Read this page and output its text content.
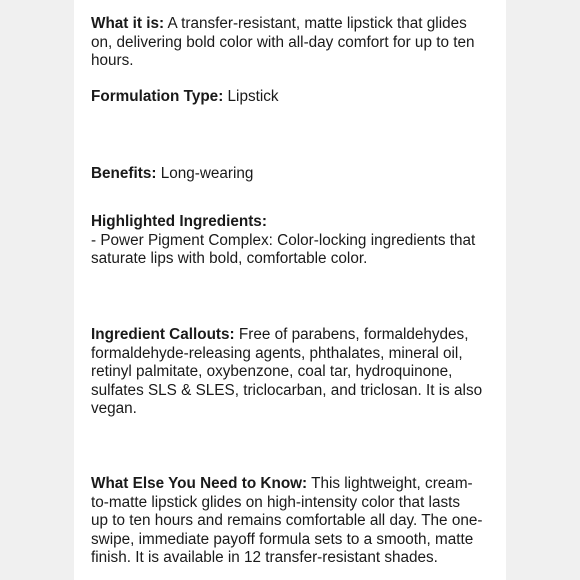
What it is: A transfer-resistant, matte lipstick that glides
on, delivering bold color with all-day comfort for up to ten
hours.
Formulation Type: Lipstick
Benefits: Long-wearing
Highlighted Ingredients:
- Power Pigment Complex: Color-locking ingredients that
saturate lips with bold, comfortable color.
Ingredient Callouts: Free of parabens, formaldehydes,
formaldehyde-releasing agents, phthalates, mineral oil,
retinyl palmitate, oxybenzone, coal tar, hydroquinone,
sulfates SLS & SLES, triclocarban, and triclosan. It is also
vegan.
What Else You Need to Know: This lightweight, cream-
to-matte lipstick glides on high-intensity color that lasts
up to ten hours and remains comfortable all day. The one-
swipe, immediate payoff formula sets to a smooth, matte
finish. It is available in 12 transfer-resistant shades.
